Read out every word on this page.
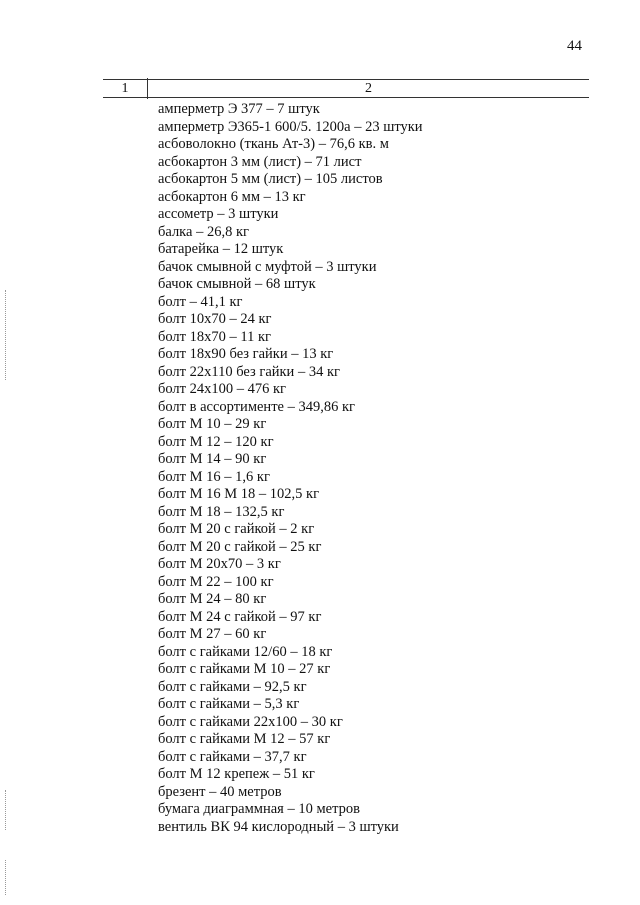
44
1	2
амперметр Э 377 – 7 штук
амперметр Э365-1 600/5. 1200а – 23 штуки
асбоволокно (ткань Ат-3) – 76,6 кв. м
асбокартон 3 мм (лист) – 71 лист
асбокартон 5 мм (лист) – 105 листов
асбокартон 6 мм – 13 кг
ассометр – 3 штуки
балка – 26,8 кг
батарейка – 12 штук
бачок смывной с муфтой – 3 штуки
бачок смывной – 68 штук
болт – 41,1 кг
болт 10х70 – 24 кг
болт 18х70 – 11 кг
болт 18х90 без гайки – 13 кг
болт 22х110 без гайки – 34 кг
болт 24х100 – 476 кг
болт в ассортименте – 349,86 кг
болт М 10 – 29 кг
болт М 12 – 120 кг
болт М 14 – 90 кг
болт М 16 – 1,6 кг
болт М 16 М 18 – 102,5 кг
болт М 18 – 132,5 кг
болт М 20 с гайкой – 2 кг
болт М 20 с гайкой – 25 кг
болт М 20х70 – 3 кг
болт М 22 – 100 кг
болт М 24 – 80 кг
болт М 24 с гайкой – 97 кг
болт М 27 – 60 кг
болт с гайками 12/60 – 18 кг
болт с гайками М 10 – 27 кг
болт с гайками – 92,5 кг
болт с гайками – 5,3 кг
болт с гайками 22х100 – 30 кг
болт с гайками М 12 – 57 кг
болт с гайками – 37,7 кг
болт М 12 крепеж – 51 кг
брезент – 40 метров
бумага диаграммная – 10 метров
вентиль ВК 94 кислородный – 3 штуки
